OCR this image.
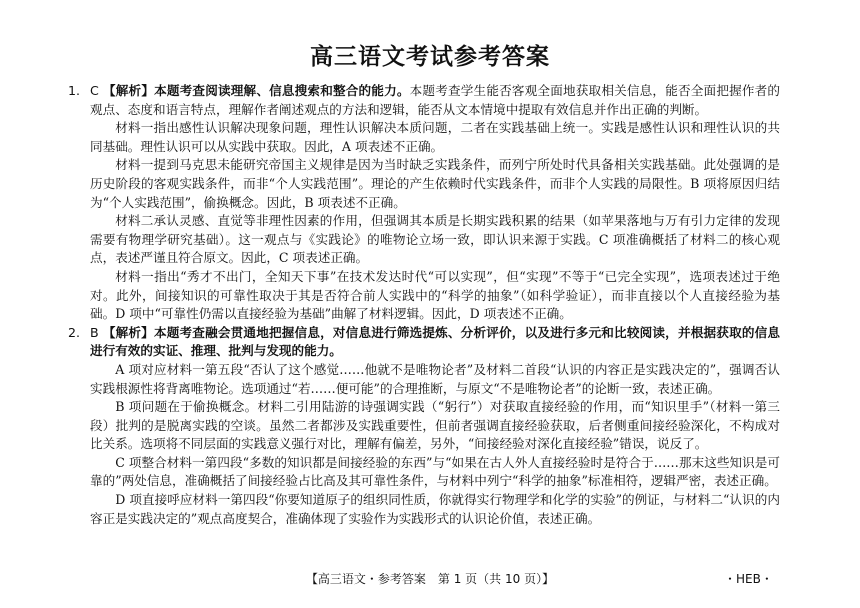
高三语文考试参考答案
1. C 【解析】本题考查阅读理解、信息搜索和整合的能力。本题考查学生能否客观全面地获取相关信息，能否全面把握作者的观点、态度和语言特点，理解作者阐述观点的方法和逻辑，能否从文本情境中提取有效信息并作出正确的判断。

材料一指出感性认识解决现象问题，理性认识解决本质问题，二者在实践基础上统一。实践是感性认识和理性认识的共同基础。理性认识可以从实践中获取。因此，A 项表述不正确。

材料一提到马克思未能研究帝国主义规律是因为当时缺乏实践条件，而列宁所处时代具备相关实践基础。此处强调的是历史阶段的客观实践条件，而非“个人实践范围”。理论的产生依赖时代实践条件，而非个人实践的局限性。B 项将原因归结为“个人实践范围”，偷换概念。因此，B 项表述不正确。

材料二承认灵感、直觉等非理性因素的作用，但强调其本质是长期实践积累的结果（如苹果落地与万有引力定律的发现需要有物理学研究基础）。这一观点与《实践论》的唯物论立场一致，即认识来源于实践。C 项准确概括了材料二的核心观点，表述严谨且符合原文。因此，C 项表述正确。

材料一指出“秀才不出门，全知天下事”在技术发达时代“可以实现”，但“实现”不等于“已完全实现”，选项表述过于绝对。此外，间接知识的可靠性取决于其是否符合前人实践中的“科学的抽象”（如科学验证），而非直接以个人直接经验为基础。D 项中“可靠性仍需以直接经验为基础”曲解了材料逻辑。因此，D 项表述不正确。

2. B 【解析】本题考查融会贯通地把握信息，对信息进行筛选提炼、分析评价，以及进行多元和比较阅读，并根据获取的信息进行有效的实证、推理、批判与发现的能力。

A 项对应材料一第五段“否认了这个感觉……他就不是唯物论者”及材料二首段“认识的内容正是实践决定的”，强调否认实践根源性将背离唯物论。选项通过“若……便可能”的合理推断，与原文“不是唯物论者”的论断一致，表述正确。

B 项问题在于偷换概念。材料二引用陆游的诗强调实践（“躬行”）对获取直接经验的作用，而“知识里手”（材料一第三段）批判的是脱离实践的空谈。虽然二者都涉及实践重要性，但前者强调直接经验获取，后者侧重间接经验深化，不构成对比关系。选项将不同层面的实践意义强行对比，理解有偏差，另外，“间接经验对深化直接经验”错误，说反了。

C 项整合材料一第四段“多数的知识都是间接经验的东西”与“如果在古人外人直接经验时是符合于……那末这些知识是可靠的”两处信息，准确概括了间接经验占比高及其可靠性条件，与材料中列宁“科学的抽象”标准相符，逻辑严密，表述正确。

D 项直接呼应材料一第四段“你要知道原子的组织同性质，你就得实行物理学和化学的实验”的例证，与材料二“认识的内容正是实践决定的”观点高度契合，准确体现了实验作为实践形式的认识论价值，表述正确。

【高三语文・参考答案　第 1 页（共 10 页）】	・HEB・
